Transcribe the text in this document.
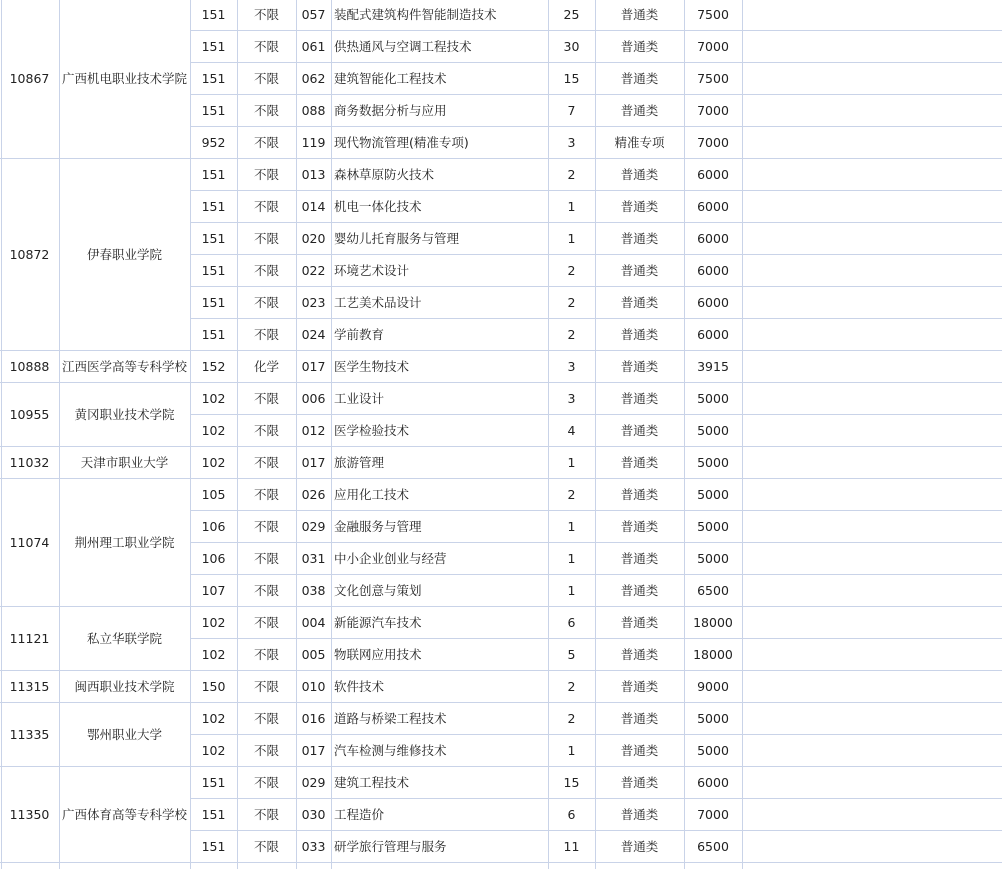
10867	广西机电职业技术学院
151	不限	057 装配式建筑构件智能制造技术	25	普通类	7500
151	不限	061 供热通风与空调工程技术	30	普通类	7000
151	不限	062 建筑智能化工程技术	15	普通类	7500
151	不限	088 商务数据分析与应用	7	普通类	7000
952	不限	119 现代物流管理(精准专项)	3	精准专项	7000
10872	伊春职业学院
151	不限	013 森林草原防火技术	2	普通类	6000
151	不限	014 机电一体化技术	1	普通类	6000
151	不限	020 婴幼儿托育服务与管理	1	普通类	6000
151	不限	022 环境艺术设计	2	普通类	6000
151	不限	023 工艺美术品设计	2	普通类	6000
151	不限	024 学前教育	2	普通类	6000
10888	江西医学高等专科学校	152	化学	017 医学生物技术	3	普通类	3915
10955	黄冈职业技术学院
102	不限	006 工业设计	3	普通类	5000
102	不限	012 医学检验技术	4	普通类	5000
11032	天津市职业大学	102	不限	017 旅游管理	1	普通类	5000
11074	荆州理工职业学院
105	不限	026 应用化工技术	2	普通类	5000
106	不限	029 金融服务与管理	1	普通类	5000
106	不限	031 中小企业创业与经营	1	普通类	5000
107	不限	038 文化创意与策划	1	普通类	6500
11121	私立华联学院
102	不限	004 新能源汽车技术	6	普通类	18000
102	不限	005 物联网应用技术	5	普通类	18000
11315	闽西职业技术学院	150	不限	010 软件技术	2	普通类	9000
11335	鄂州职业大学
102	不限	016 道路与桥梁工程技术	2	普通类	5000
102	不限	017 汽车检测与维修技术	1	普通类	5000
11350	广西体育高等专科学校
151	不限	029 建筑工程技术	15	普通类	6000
151	不限	030 工程造价	6	普通类	7000
151	不限	033 研学旅行管理与服务	11	普通类	6500
